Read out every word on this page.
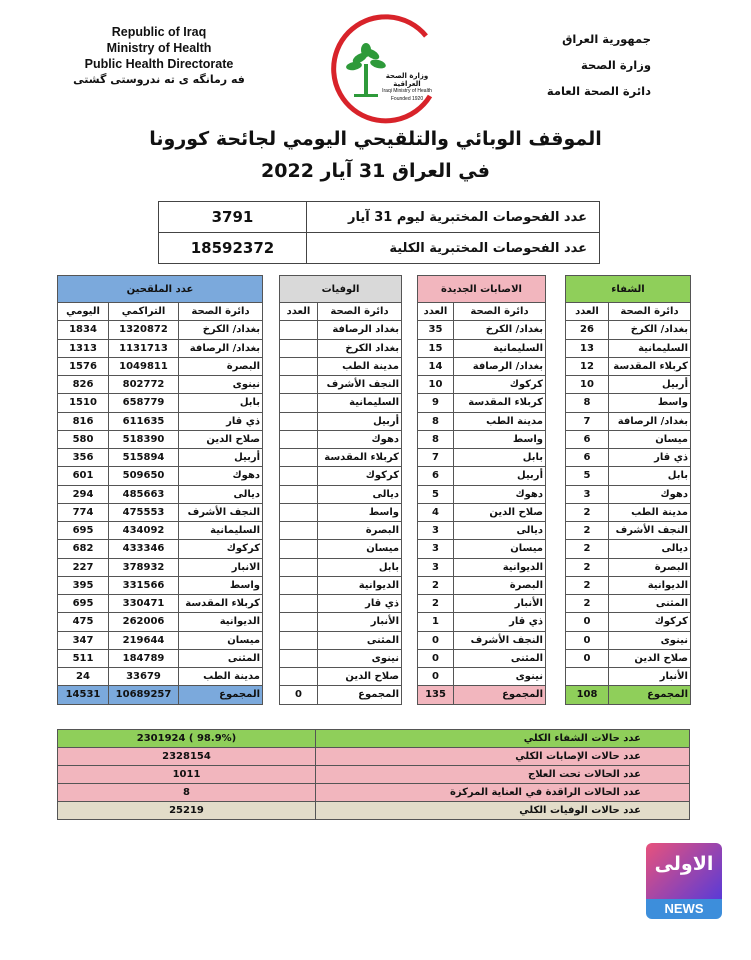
Republic of Iraq
Ministry of Health
Public Health Directorate
فه رمانگه ى ته ندروستى گشتى
جمهورية العراق
وزارة الصحة
دائرة الصحة العامة
وزارة الصحة العراقية
Iraqi Ministry of Health
Founded 1920
الموقف الوبائي والتلقيحي اليومي لجائحة كورونا
في العراق 31 آيار 2022
3791	عدد الفحوصات المختبرية ليوم 31 آيار
18592372	عدد الفحوصات المختبرية الكلية
الشفاء	
العدد	دائرة الصحة
26	بغداد/ الكرخ
13	السليمانية
12	كربلاء المقدسة
10	أربيل
8	واسط
7	بغداد/ الرصافة
6	ميسان
6	ذي قار
5	بابل
3	دهوك
2	مدينة الطب
2	النجف الأشرف
2	ديالى
2	البصرة
2	الديوانية
2	المثنى
0	كركوك
0	نينوى
0	صلاح الدين
	الأنبار
108	المجموع
الاصابات الجديدة	
العدد	دائرة الصحة
35	بغداد/ الكرخ
15	السليمانية
14	بغداد/ الرصافة
10	كركوك
9	كربلاء المقدسة
8	مدينة الطب
8	واسط
7	بابل
6	أربيل
5	دهوك
4	صلاح الدين
3	ديالى
3	ميسان
3	الديوانية
2	البصرة
2	الأنبار
1	ذي قار
0	النجف الأشرف
0	المثنى
0	نينوى
135	المجموع
الوفيات	
العدد	دائرة الصحة
	بغداد الرصافة
	بغداد الكرخ
	مدينة الطب
	النجف الأشرف
	السليمانية
	أربيل
	دهوك
	كربلاء المقدسة
	كركوك
	ديالى
	واسط
	البصرة
	ميسان
	بابل
	الديوانية
	ذي قار
	الأنبار
	المثنى
	نينوى
	صلاح الدين
0	المجموع
عدد الملقحين		
اليومي	التراكمي	دائرة الصحة
1834	1320872	بغداد/ الكرخ
1313	1131713	بغداد/ الرصافة
1576	1049811	البصرة
826	802772	نينوى
1510	658779	بابل
816	611635	ذي قار
580	518390	صلاح الدين
356	515894	أربيل
601	509650	دهوك
294	485663	ديالى
774	475553	النجف الأشرف
695	434092	السليمانية
682	433346	كركوك
227	378932	الانبار
395	331566	واسط
695	330471	كربلاء المقدسة
475	262006	الديوانية
347	219644	ميسان
511	184789	المثنى
24	33679	مدينة الطب
14531	10689257	المجموع
2301924 ( 98.9%)	عدد حالات الشفاء الكلي
2328154	عدد حالات الإصابات الكلي
1011	عدد الحالات تحت العلاج
8	عدد الحالات الراقدة في العناية المركزة
25219	عدد حالات الوفيات الكلي
الاولى
NEWS
